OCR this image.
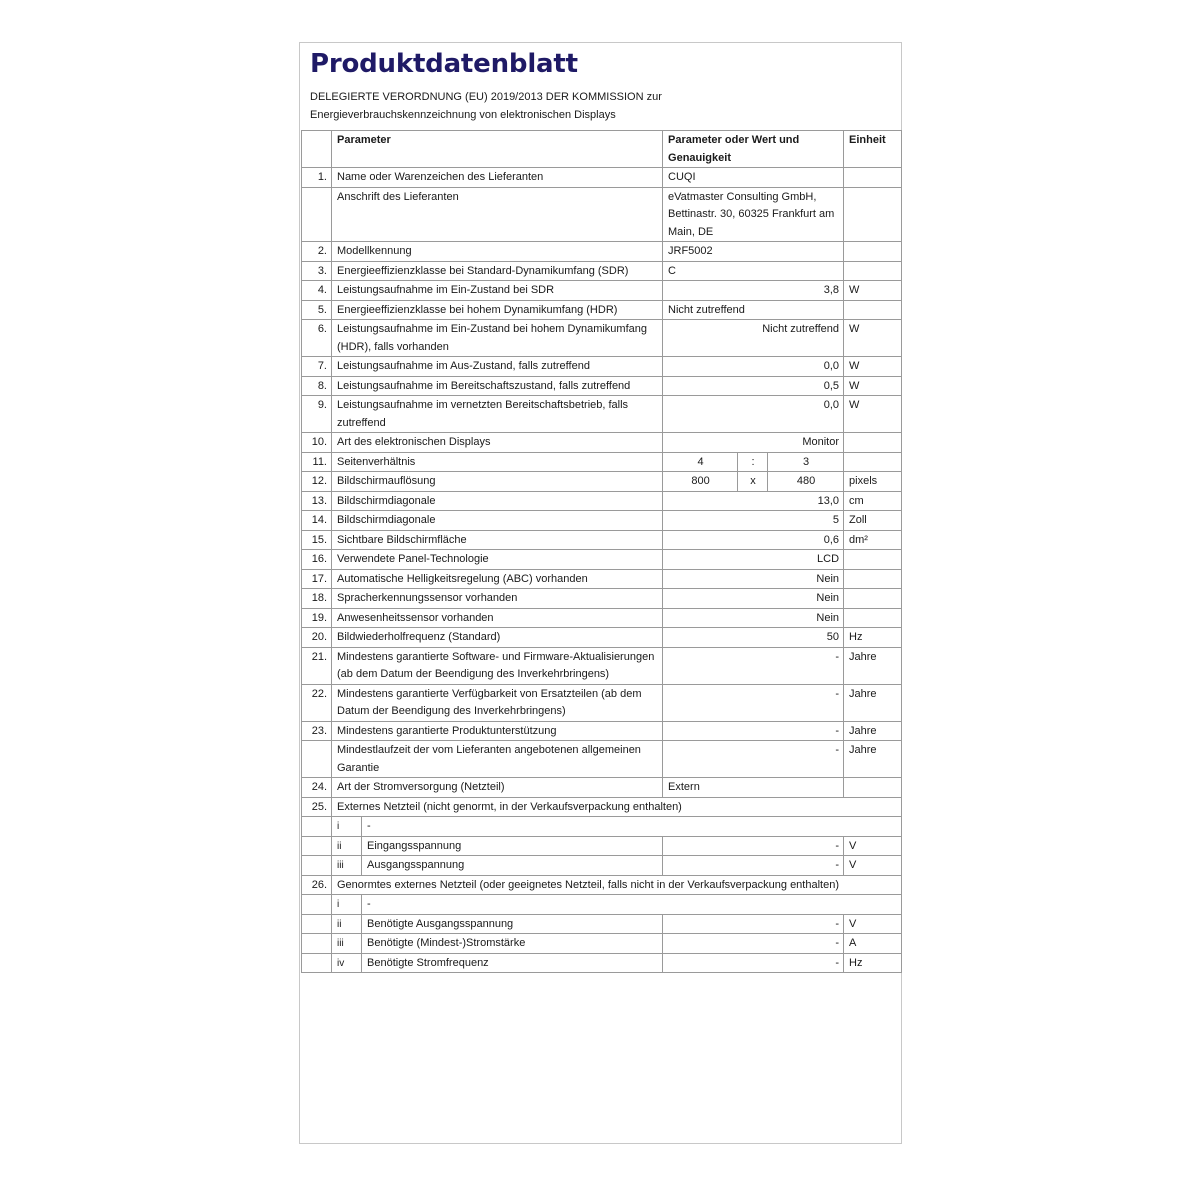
Produktdatenblatt
DELEGIERTE VERORDNUNG (EU) 2019/2013 DER KOMMISSION zur
Energieverbrauchskennzeichnung von elektronischen Displays
	Parameter		Parameter oder Wert und Genauigkeit			Einheit
1.	Name oder Warenzeichen des Lieferanten		CUQI			
	Anschrift des Lieferanten		eVatmaster Consulting GmbH, Bettinastr. 30, 60325 Frankfurt am Main, DE			
2.	Modellkennung		JRF5002			
3.	Energieeffizienzklasse bei Standard-Dynamikumfang (SDR)		C			
4.	Leistungsaufnahme im Ein-Zustand bei SDR		3,8			W
5.	Energieeffizienzklasse bei hohem Dynamikumfang (HDR)		Nicht zutreffend			
6.	Leistungsaufnahme im Ein-Zustand bei hohem Dynamikumfang (HDR), falls vorhanden		Nicht zutreffend			W
7.	Leistungsaufnahme im Aus-Zustand, falls zutreffend		0,0			W
8.	Leistungsaufnahme im Bereitschaftszustand, falls zutreffend		0,5			W
9.	Leistungsaufnahme im vernetzten Bereitschaftsbetrieb, falls zutreffend		0,0			W
10.	Art des elektronischen Displays		Monitor			
11.	Seitenverhältnis		4	:	3	
12.	Bildschirmauflösung		800	x	480	pixels
13.	Bildschirmdiagonale		13,0			cm
14.	Bildschirmdiagonale		5			Zoll
15.	Sichtbare Bildschirmfläche		0,6			dm²
16.	Verwendete Panel-Technologie		LCD			
17.	Automatische Helligkeitsregelung (ABC) vorhanden		Nein			
18.	Spracherkennungssensor vorhanden		Nein			
19.	Anwesenheitssensor vorhanden		Nein			
20.	Bildwiederholfrequenz (Standard)		50			Hz
21.	Mindestens garantierte Software- und Firmware-Aktualisierungen (ab dem Datum der Beendigung des Inverkehrbringens)		-			Jahre
22.	Mindestens garantierte Verfügbarkeit von Ersatzteilen (ab dem Datum der Beendigung des Inverkehrbringens)		-			Jahre
23.	Mindestens garantierte Produktunterstützung		-			Jahre
	Mindestlaufzeit der vom Lieferanten angebotenen allgemeinen Garantie		-			Jahre
24.	Art der Stromversorgung (Netzteil)		Extern			
25.	Externes Netzteil (nicht genormt, in der Verkaufsverpackung enthalten)					
	i	-				
	ii	Eingangsspannung	-			V
	iii	Ausgangsspannung	-			V
26.	Genormtes externes Netzteil (oder geeignetes Netzteil, falls nicht in der Verkaufsverpackung enthalten)					
	i	-				
	ii	Benötigte Ausgangsspannung	-			V
	iii	Benötigte (Mindest-)Stromstärke	-			A
	iv	Benötigte Stromfrequenz	-			Hz
